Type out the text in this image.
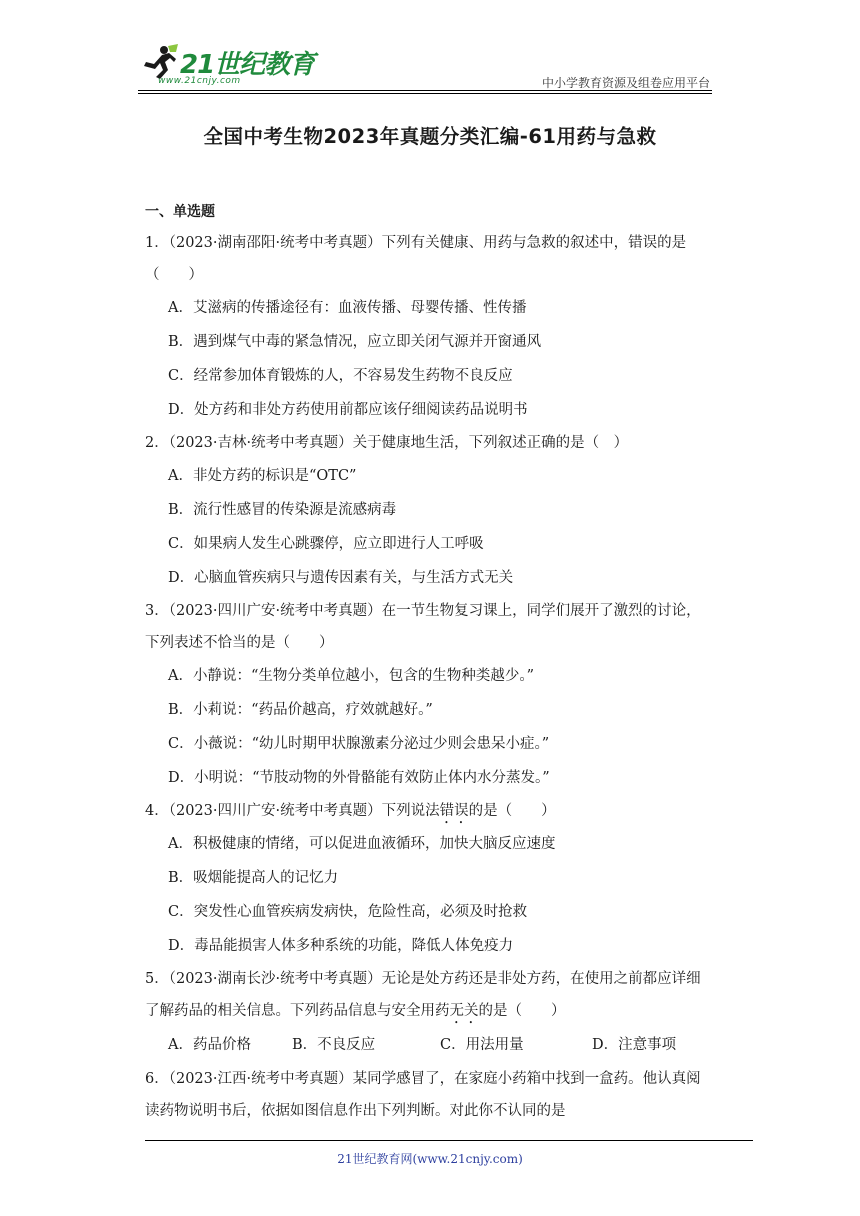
21世纪教育
www.21cnjy.com	中小学教育资源及组卷应用平台
全国中考生物2023年真题分类汇编-61用药与急救
一、单选题
1．（2023·湖南邵阳·统考中考真题）下列有关健康、用药与急救的叙述中，错误的是
（　　）
A．艾滋病的传播途径有：血液传播、母婴传播、性传播
B．遇到煤气中毒的紧急情况，应立即关闭气源并开窗通风
C．经常参加体育锻炼的人，不容易发生药物不良反应
D．处方药和非处方药使用前都应该仔细阅读药品说明书
2．（2023·吉林·统考中考真题）关于健康地生活，下列叙述正确的是（　）
A．非处方药的标识是“OTC”
B．流行性感冒的传染源是流感病毒
C．如果病人发生心跳骤停，应立即进行人工呼吸
D．心脑血管疾病只与遗传因素有关，与生活方式无关
3．（2023·四川广安·统考中考真题）在一节生物复习课上，同学们展开了激烈的讨论，
下列表述不恰当的是（　　）
A．小静说：“生物分类单位越小，包含的生物种类越少。”
B．小莉说：“药品价越高，疗效就越好。”
C．小薇说：“幼儿时期甲状腺激素分泌过少则会患呆小症。”
D．小明说：“节肢动物的外骨骼能有效防止体内水分蒸发。”
4．（2023·四川广安·统考中考真题）下列说法错误的是（　　）
A．积极健康的情绪，可以促进血液循环，加快大脑反应速度
B．吸烟能提高人的记忆力
C．突发性心血管疾病发病快，危险性高，必须及时抢救
D．毒品能损害人体多种系统的功能，降低人体免疫力
5．（2023·湖南长沙·统考中考真题）无论是处方药还是非处方药，在使用之前都应详细
了解药品的相关信息。下列药品信息与安全用药无关的是（　　）
A．药品价格	B．不良反应	C．用法用量	D．注意事项
6．（2023·江西·统考中考真题）某同学感冒了，在家庭小药箱中找到一盒药。他认真阅
读药物说明书后，依据如图信息作出下列判断。对此你不认同的是
21世纪教育网(www.21cnjy.com)
